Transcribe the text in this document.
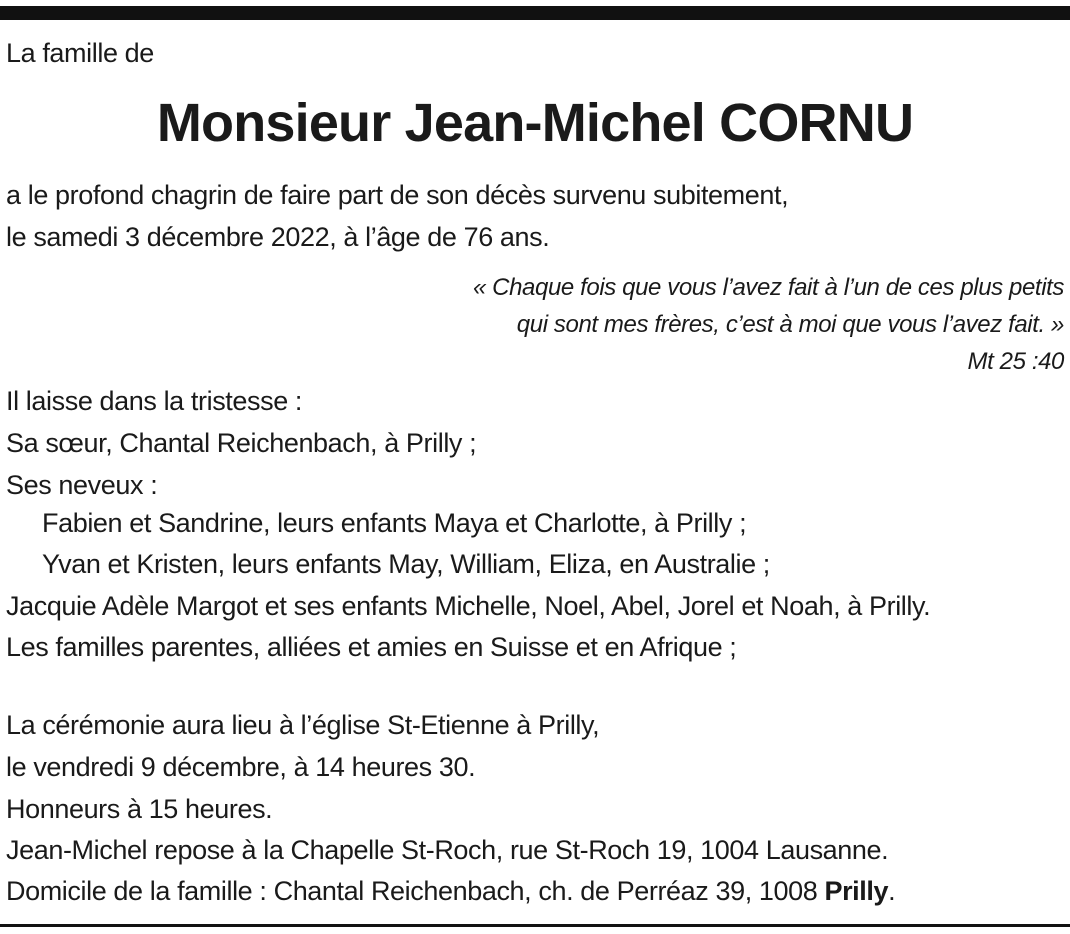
La famille de
Monsieur Jean-Michel CORNU
a le profond chagrin de faire part de son décès survenu subitement,
le samedi 3 décembre 2022, à l’âge de 76 ans.
« Chaque fois que vous l’avez fait à l’un de ces plus petits
qui sont mes frères, c’est à moi que vous l’avez fait. »
Mt 25 :40
Il laisse dans la tristesse :
Sa sœur, Chantal Reichenbach, à Prilly ;
Ses neveux :
Fabien et Sandrine, leurs enfants Maya et Charlotte, à Prilly ;
Yvan et Kristen, leurs enfants May, William, Eliza, en Australie ;
Jacquie Adèle Margot et ses enfants Michelle, Noel, Abel, Jorel et Noah, à Prilly.
Les familles parentes, alliées et amies en Suisse et en Afrique ;
La cérémonie aura lieu à l’église St-Etienne à Prilly,
le vendredi 9 décembre, à 14 heures 30.
Honneurs à 15 heures.
Jean-Michel repose à la Chapelle St-Roch, rue St-Roch 19, 1004 Lausanne.
Domicile de la famille : Chantal Reichenbach, ch. de Perréaz 39, 1008 Prilly.
